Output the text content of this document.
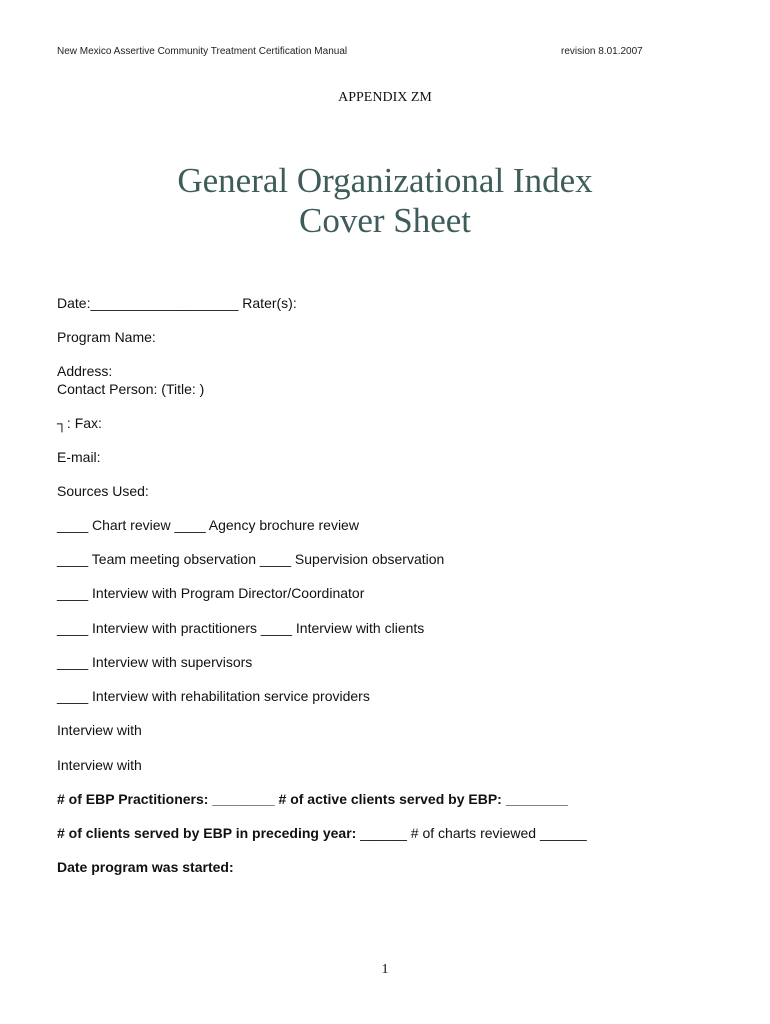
New Mexico Assertive Community Treatment Certification Manual	revision 8.01.2007
APPENDIX ZM
General Organizational Index
Cover Sheet
Date:___________________ Rater(s):
Program Name:
Address:
Contact Person: (Title: )
┐: Fax:
E-mail:
Sources Used:
____ Chart review ____ Agency brochure review
____ Team meeting observation ____ Supervision observation
____ Interview with Program Director/Coordinator
____ Interview with practitioners ____ Interview with clients
____ Interview with supervisors
____ Interview with rehabilitation service providers
Interview with
Interview with
# of EBP Practitioners: ________ # of active clients served by EBP: ________
# of clients served by EBP in preceding year: ______ # of charts reviewed ______
Date program was started:
1
